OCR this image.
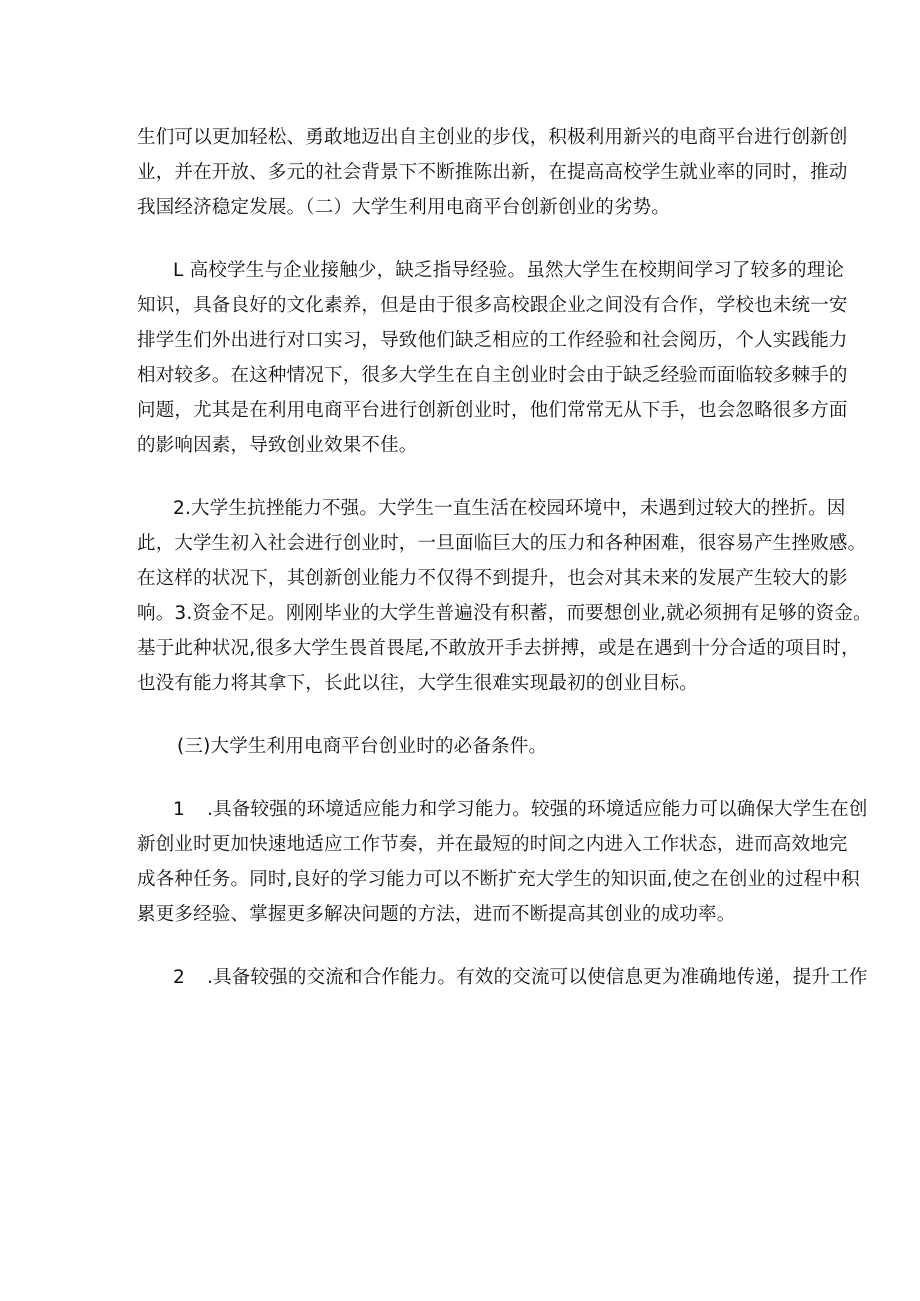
生们可以更加轻松、勇敢地迈出自主创业的步伐，积极利用新兴的电商平台进行创新创
业，并在开放、多元的社会背景下不断推陈出新，在提高高校学生就业率的同时，推动
我国经济稳定发展。（二）大学生利用电商平台创新创业的劣势。

L 高校学生与企业接触少，缺乏指导经验。虽然大学生在校期间学习了较多的理论
知识，具备良好的文化素养，但是由于很多高校跟企业之间没有合作，学校也未统一安
排学生们外出进行对口实习，导致他们缺乏相应的工作经验和社会阅历，个人实践能力
相对较多。在这种情况下，很多大学生在自主创业时会由于缺乏经验而面临较多棘手的
问题，尤其是在利用电商平台进行创新创业时，他们常常无从下手，也会忽略很多方面
的影响因素，导致创业效果不佳。

2.大学生抗挫能力不强。大学生一直生活在校园环境中，未遇到过较大的挫折。因
此，大学生初入社会进行创业时，一旦面临巨大的压力和各种困难，很容易产生挫败感。
在这样的状况下，其创新创业能力不仅得不到提升，也会对其未来的发展产生较大的影
响。3.资金不足。刚刚毕业的大学生普遍没有积蓄，而要想创业,就必须拥有足够的资金。
基于此种状况,很多大学生畏首畏尾,不敢放开手去拼搏，或是在遇到十分合适的项目时，
也没有能力将其拿下，长此以往，大学生很难实现最初的创业目标。

(三)大学生利用电商平台创业时的必备条件。

1 .具备较强的环境适应能力和学习能力。较强的环境适应能力可以确保大学生在创
新创业时更加快速地适应工作节奏，并在最短的时间之内进入工作状态，进而高效地完
成各种任务。同时,良好的学习能力可以不断扩充大学生的知识面,使之在创业的过程中积
累更多经验、掌握更多解决问题的方法，进而不断提高其创业的成功率。

2 .具备较强的交流和合作能力。有效的交流可以使信息更为准确地传递，提升工作
